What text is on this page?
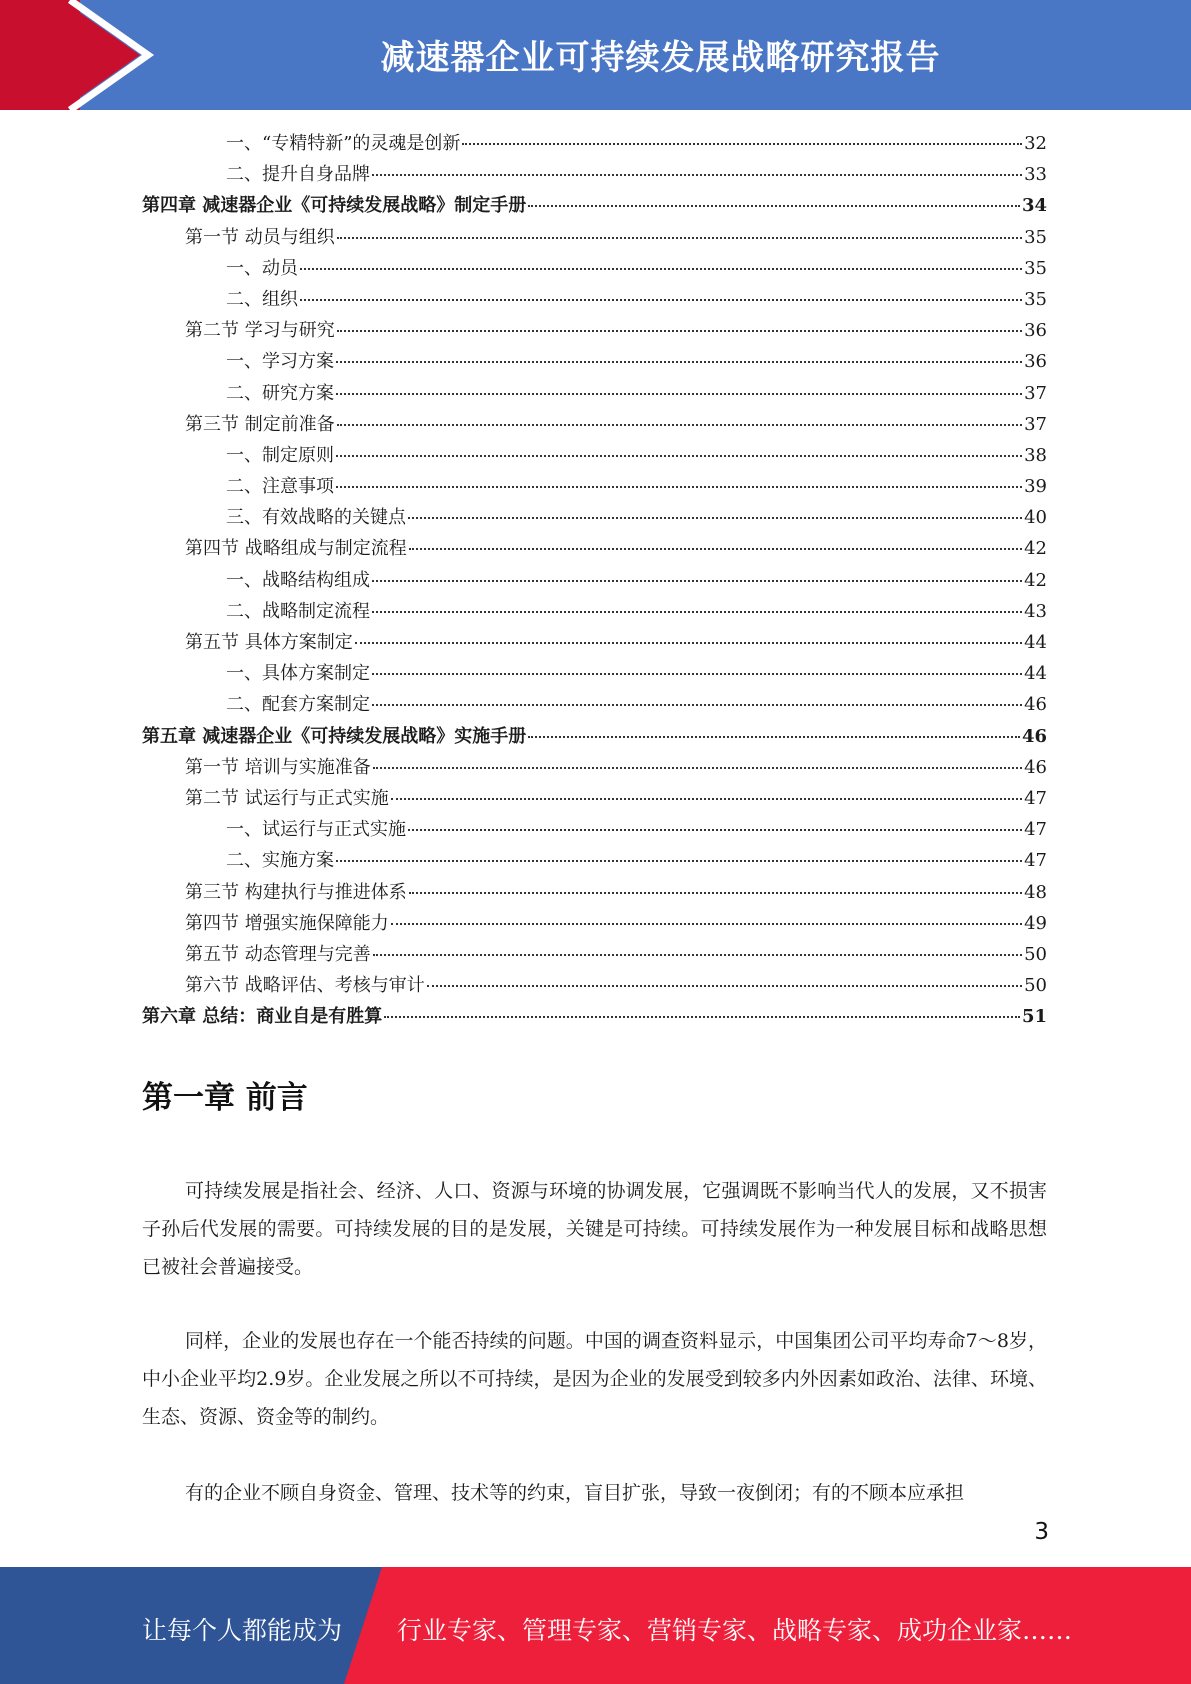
减速器企业可持续发展战略研究报告
一、“专精特新”的灵魂是创新	32
二、提升自身品牌	33
第四章 减速器企业《可持续发展战略》制定手册	34
第一节 动员与组织	35
一、动员	35
二、组织	35
第二节 学习与研究	36
一、学习方案	36
二、研究方案	37
第三节 制定前准备	37
一、制定原则	38
二、注意事项	39
三、有效战略的关键点	40
第四节 战略组成与制定流程	42
一、战略结构组成	42
二、战略制定流程	43
第五节 具体方案制定	44
一、具体方案制定	44
二、配套方案制定	46
第五章 减速器企业《可持续发展战略》实施手册	46
第一节 培训与实施准备	46
第二节 试运行与正式实施	47
一、试运行与正式实施	47
二、实施方案	47
第三节 构建执行与推进体系	48
第四节 增强实施保障能力	49
第五节 动态管理与完善	50
第六节 战略评估、考核与审计	50
第六章 总结：商业自是有胜算	51
第一章 前言

可持续发展是指社会、经济、人口、资源与环境的协调发展，它强调既不影响当代人的发展，又不损害子孙后代发展的需要。可持续发展的目的是发展，关键是可持续。可持续发展作为一种发展目标和战略思想已被社会普遍接受。

同样，企业的发展也存在一个能否持续的问题。中国的调查资料显示，中国集团公司平均寿命7～8岁，中小企业平均2.9岁。企业发展之所以不可持续，是因为企业的发展受到较多内外因素如政治、法律、环境、生态、资源、资金等的制约。

有的企业不顾自身资金、管理、技术等的约束，盲目扩张，导致一夜倒闭；有的不顾本应承担

3
让每个人都能成为 行业专家、管理专家、营销专家、战略专家、成功企业家……
